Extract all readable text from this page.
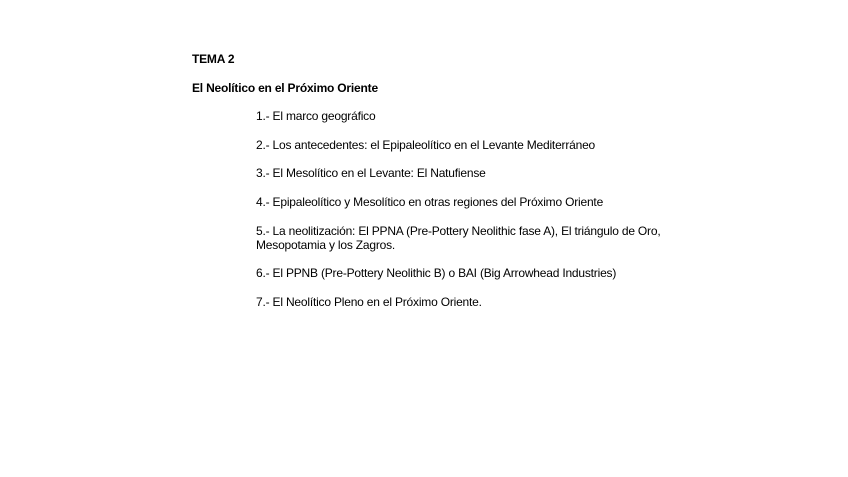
TEMA 2
El Neolítico en el Próximo Oriente
1.- El marco geográfico
2.- Los antecedentes: el Epipaleolítico en el Levante Mediterráneo
3.- El Mesolítico en el Levante: El Natufiense
4.- Epipaleolítico y Mesolítico en otras regiones del Próximo Oriente
5.- La neolitización: El PPNA (Pre-Pottery Neolithic fase A), El triángulo de Oro, Mesopotamia y los Zagros.
6.- El PPNB (Pre-Pottery Neolithic B) o BAI (Big Arrowhead Industries)
7.- El Neolítico Pleno en el Próximo Oriente.
